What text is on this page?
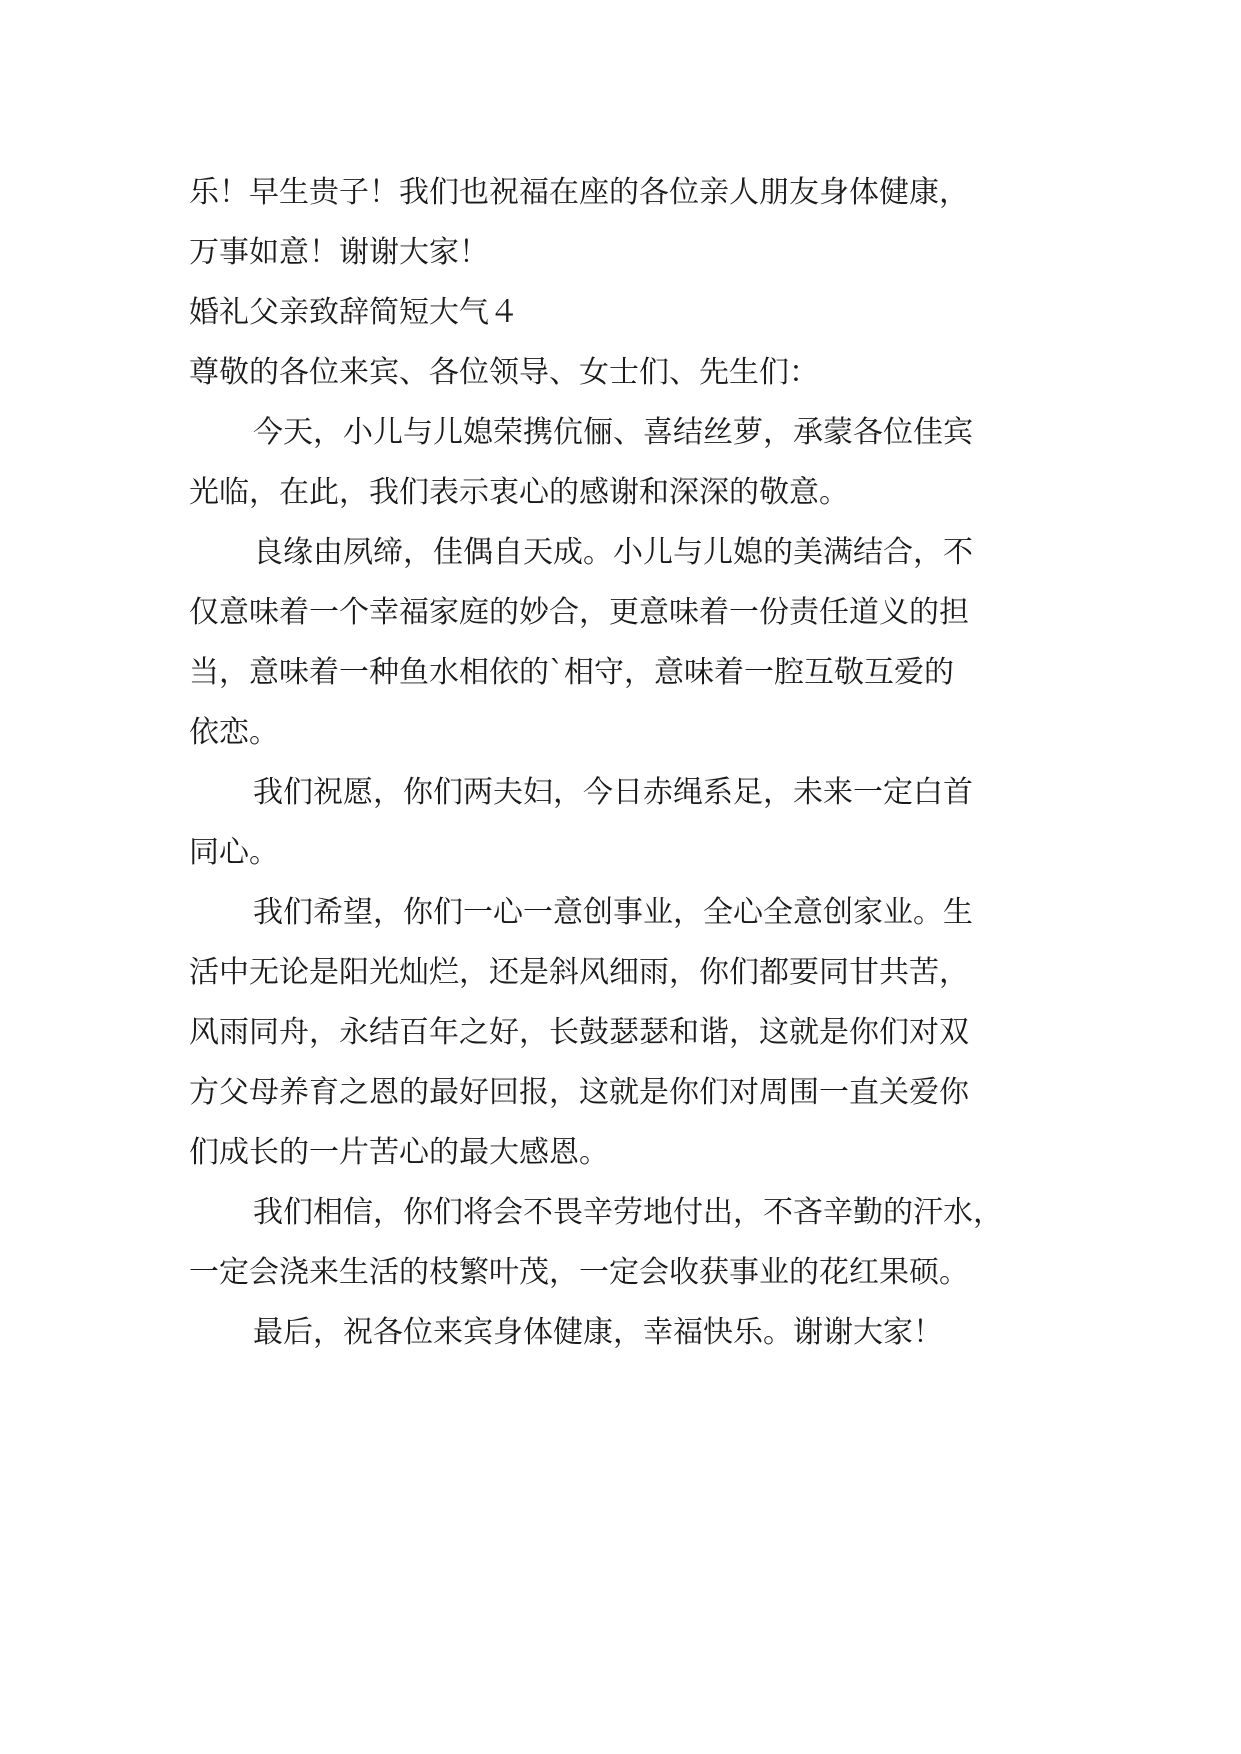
乐！早生贵子！我们也祝福在座的各位亲人朋友身体健康，

万事如意！谢谢大家！

婚礼父亲致辞简短大气４

尊敬的各位来宾、各位领导、女士们、先生们：

今天，小儿与儿媳荣携伉俪、喜结丝萝，承蒙各位佳宾

光临，在此，我们表示衷心的感谢和深深的敬意。

良缘由夙缔，佳偶自天成。小儿与儿媳的美满结合，不

仅意味着一个幸福家庭的妙合，更意味着一份责任道义的担

当，意味着一种鱼水相依的`相守，意味着一腔互敬互爱的

依恋。

我们祝愿，你们两夫妇，今日赤绳系足，未来一定白首

同心。

我们希望，你们一心一意创事业，全心全意创家业。生

活中无论是阳光灿烂，还是斜风细雨，你们都要同甘共苦，

风雨同舟，永结百年之好，长鼓瑟瑟和谐，这就是你们对双

方父母养育之恩的最好回报，这就是你们对周围一直关爱你

们成长的一片苦心的最大感恩。

我们相信，你们将会不畏辛劳地付出，不吝辛勤的汗水，

一定会浇来生活的枝繁叶茂，一定会收获事业的花红果硕。

最后，祝各位来宾身体健康，幸福快乐。谢谢大家！
